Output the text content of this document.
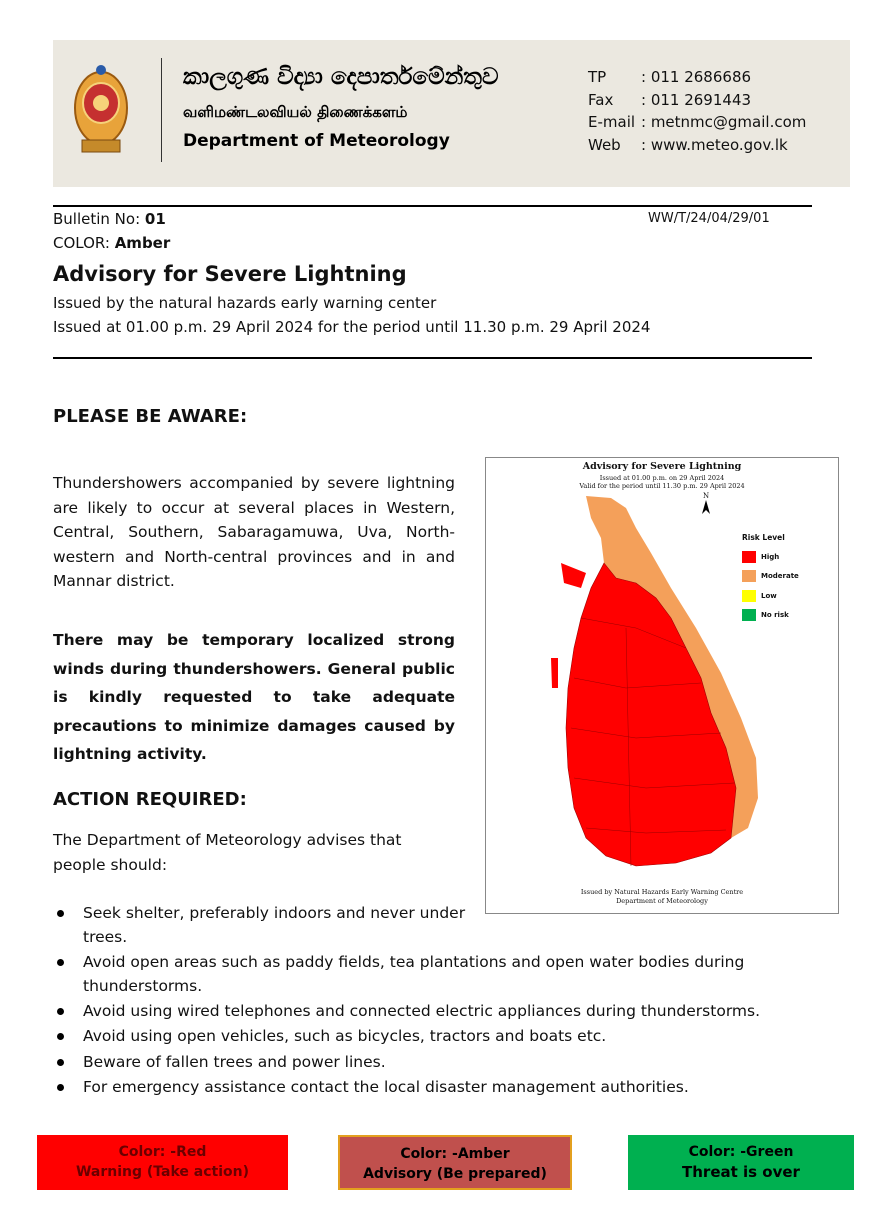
කාලගුණ විද්‍යා දෙපාර්තමේන්තුව
வளிமண்டலவியல் திணைக்களம்
Department of Meteorology
TP	: 011 2686686
Fax	: 011 2691443
E-mail : metnmc@gmail.com
Web	: www.meteo.gov.lk
Bulletin No: 01
COLOR: Amber
WW/T/24/04/29/01
Advisory for Severe Lightning
Issued by the natural hazards early warning center
Issued at 01.00 p.m. 29 April 2024 for the period until 11.30 p.m. 29 April 2024
PLEASE BE AWARE:
Thundershowers accompanied by severe lightning are likely to occur at several places in Western, Central, Southern, Sabaragamuwa, Uva, North-western and North-central provinces and in and Mannar district.
There may be temporary localized strong winds during thundershowers. General public is kindly requested to take adequate precautions to minimize damages caused by lightning activity.
Advisory for Severe Lightning
Issued at 01.00 p.m. on 29 April 2024
Valid for the period until 11.30 p.m. 29 April 2024
N
Risk Level
High
Moderate
Low
No risk
Issued by Natural Hazards Early Warning Centre
Department of Meteorology
ACTION REQUIRED:
The Department of Meteorology advises that people should:
Seek shelter, preferably indoors and never under trees.
Avoid open areas such as paddy fields, tea plantations and open water bodies during thunderstorms.
Avoid using wired telephones and connected electric appliances during thunderstorms.
Avoid using open vehicles, such as bicycles, tractors and boats etc.
Beware of fallen trees and power lines.
For emergency assistance contact the local disaster management authorities.
Color: -Red
Warning (Take action)
Color: -Amber
Advisory (Be prepared)
Color: -Green
Threat is over
